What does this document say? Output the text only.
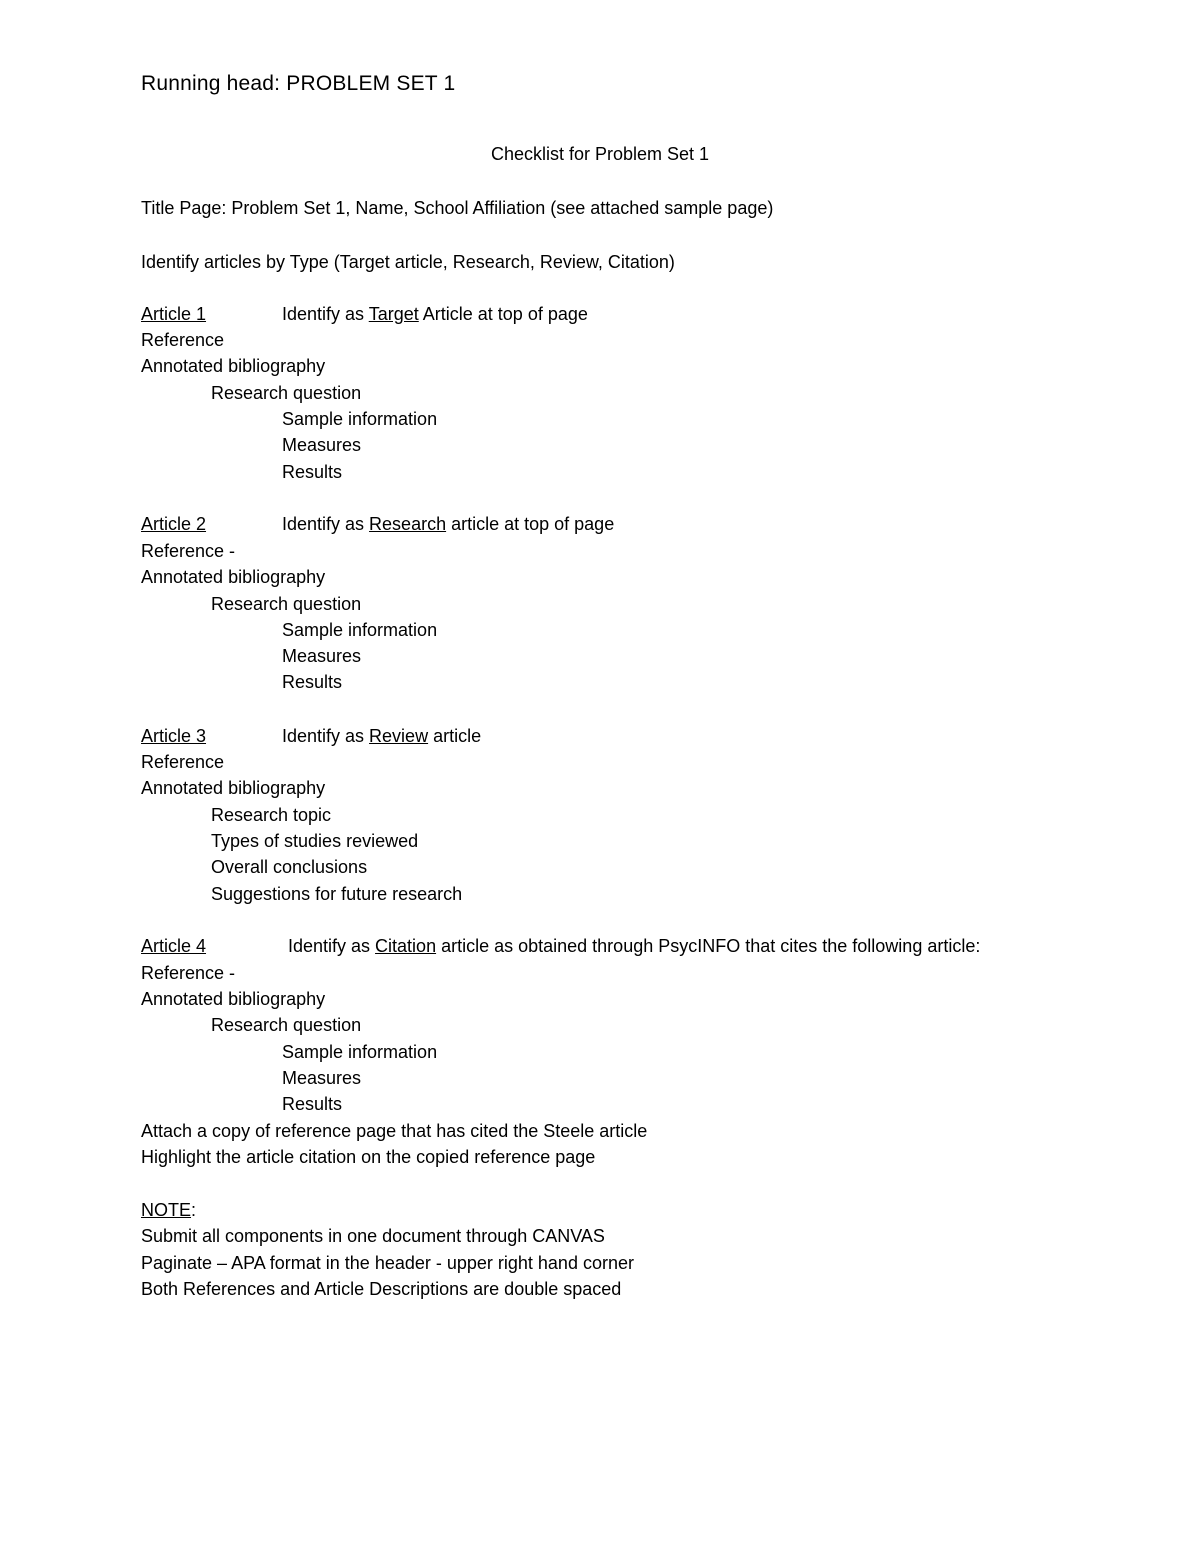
Running head: PROBLEM SET 1
Checklist for Problem Set 1
Title Page: Problem Set 1, Name, School Affiliation (see attached sample page)
Identify articles by Type (Target article, Research, Review, Citation)
Article 1	Identify as Target Article at top of page
Reference
Annotated bibliography
Research question
Sample information
Measures
Results
Article 2	Identify as Research article at top of page
Reference -
Annotated bibliography
Research question
Sample information
Measures
Results
Article 3	Identify as Review article
Reference
Annotated bibliography
Research topic
Types of studies reviewed
Overall conclusions
Suggestions for future research
Article 4	Identify as Citation article as obtained through PsycINFO that cites the following article:
Reference -
Annotated bibliography
Research question
Sample information
Measures
Results
Attach a copy of reference page that has cited the Steele article
Highlight the article citation on the copied reference page
NOTE:
Submit all components in one document through CANVAS
Paginate – APA format in the header - upper right hand corner
Both References and Article Descriptions are double spaced
